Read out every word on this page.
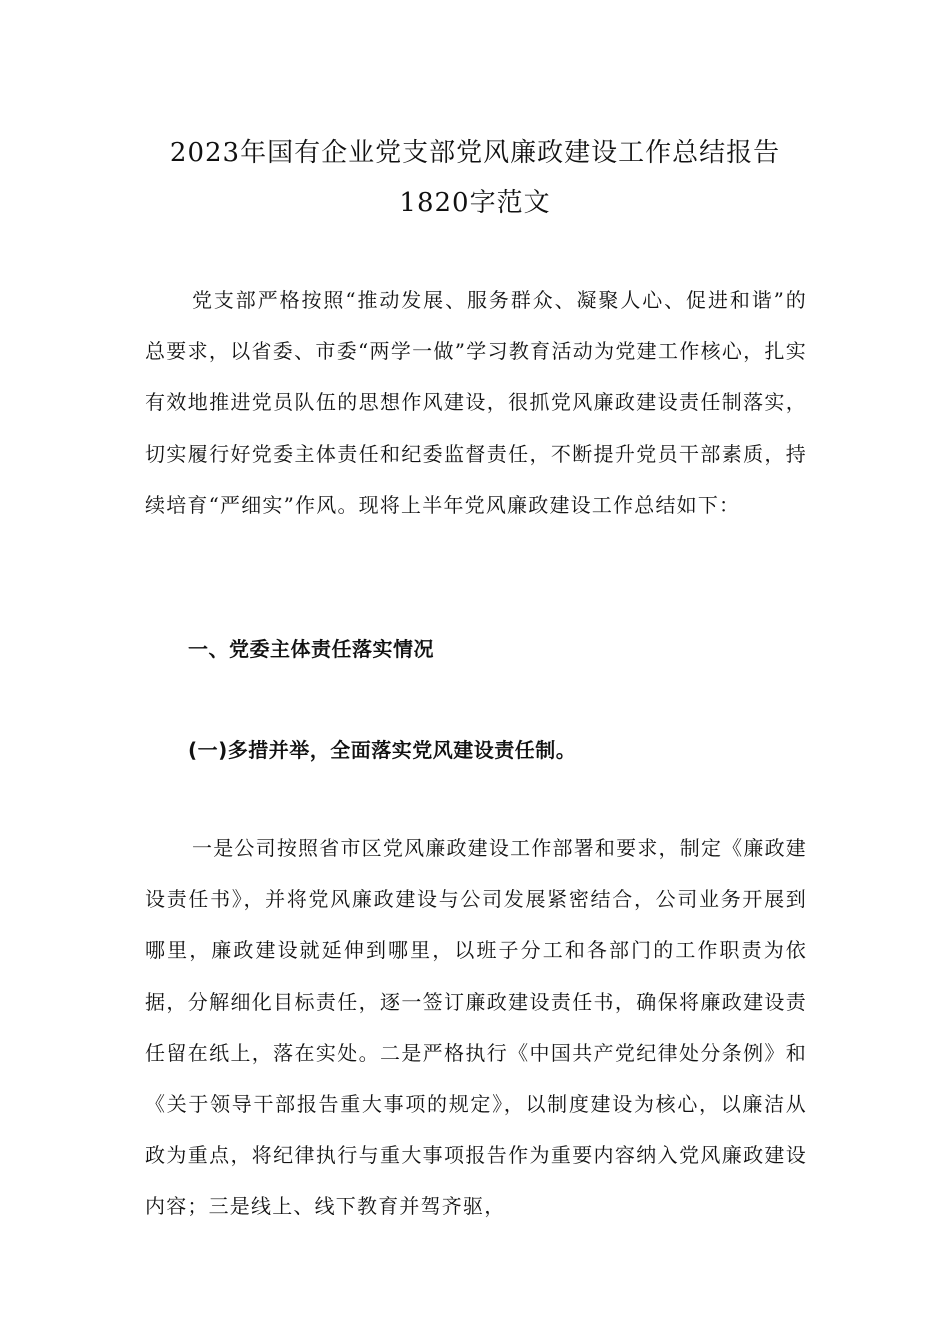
2023年国有企业党支部党风廉政建设工作总结报告
1820字范文

党支部严格按照“推动发展、服务群众、凝聚人心、促进和谐”的总要求，以省委、市委“两学一做”学习教育活动为党建工作核心，扎实有效地推进党员队伍的思想作风建设，很抓党风廉政建设责任制落实，切实履行好党委主体责任和纪委监督责任，不断提升党员干部素质，持续培育“严细实”作风。现将上半年党风廉政建设工作总结如下：

一、党委主体责任落实情况
(一)多措并举，全面落实党风建设责任制。

一是公司按照省市区党风廉政建设工作部署和要求，制定《廉政建设责任书》，并将党风廉政建设与公司发展紧密结合，公司业务开展到哪里，廉政建设就延伸到哪里，以班子分工和各部门的工作职责为依据，分解细化目标责任，逐一签订廉政建设责任书，确保将廉政建设责任留在纸上，落在实处。二是严格执行《中国共产党纪律处分条例》和《关于领导干部报告重大事项的规定》，以制度建设为核心，以廉洁从政为重点，将纪律执行与重大事项报告作为重要内容纳入党风廉政建设内容；三是线上、线下教育并驾齐驱，
